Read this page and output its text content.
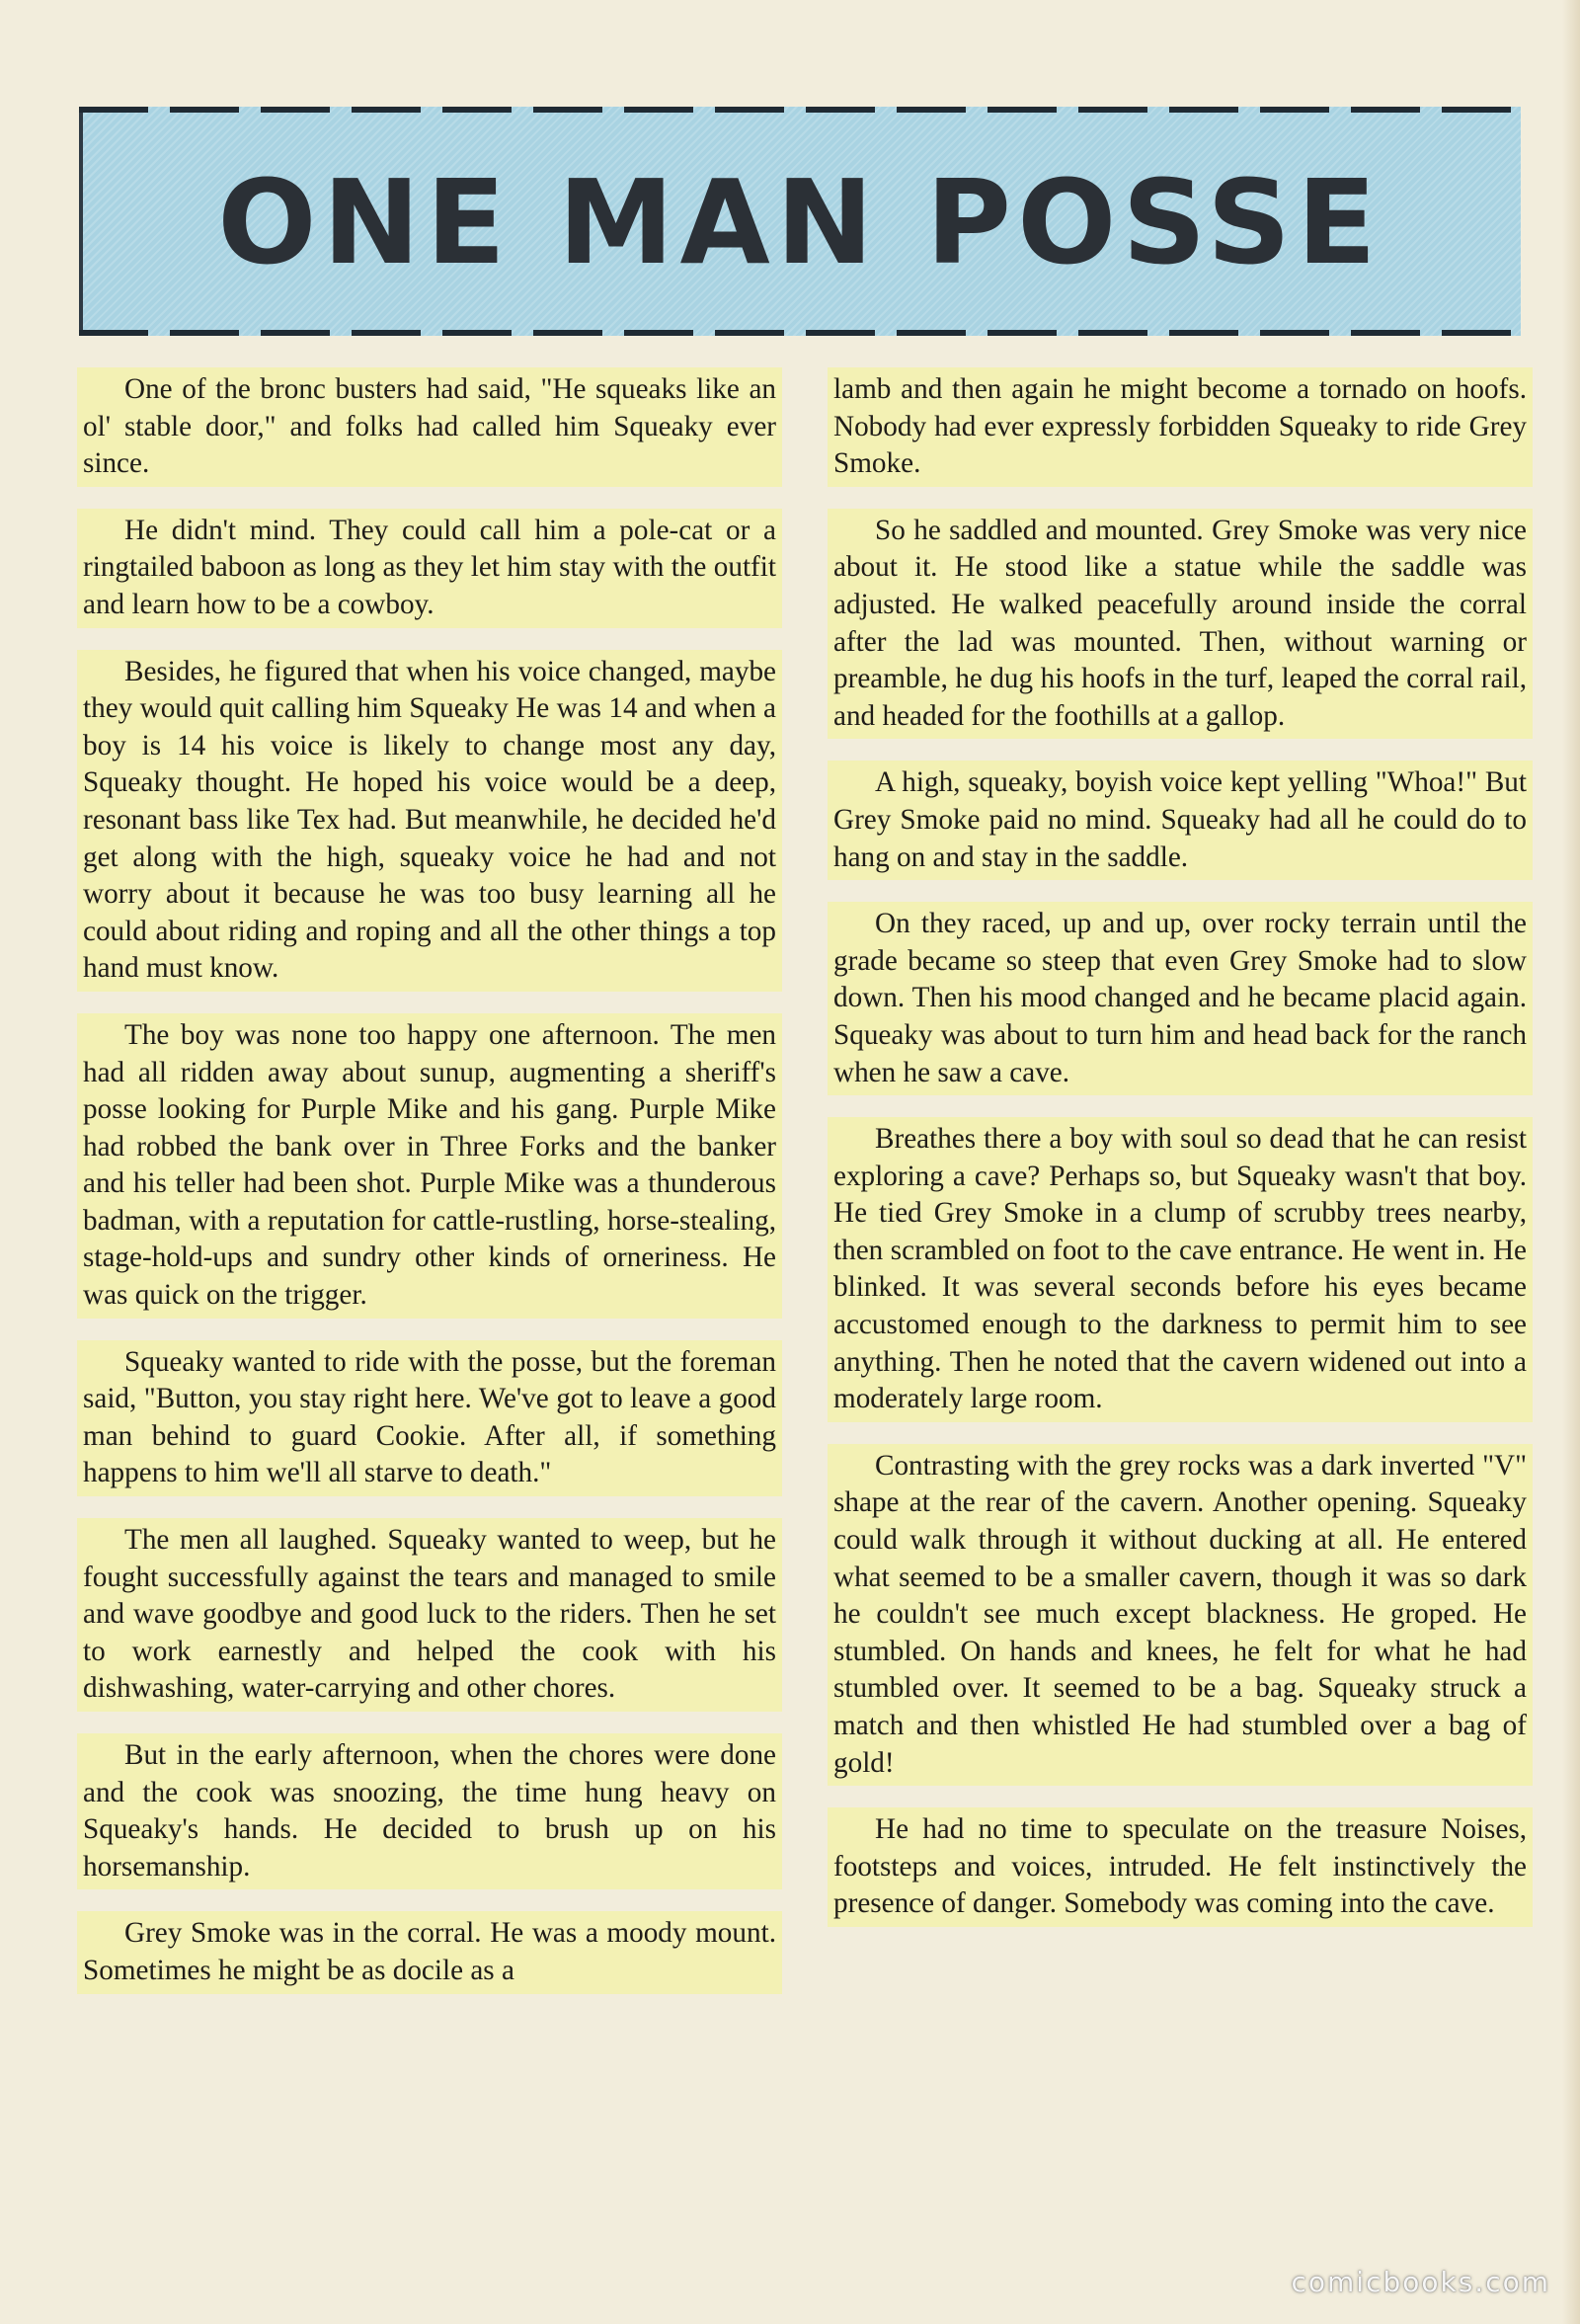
ONE MAN POSSE

One of the bronc busters had said, "He squeaks like an ol' stable door," and folks had called him Squeaky ever since.

He didn't mind. They could call him a pole-cat or a ringtailed baboon as long as they let him stay with the outfit and learn how to be a cowboy.

Besides, he figured that when his voice changed, maybe they would quit calling him Squeaky He was 14 and when a boy is 14 his voice is likely to change most any day, Squeaky thought. He hoped his voice would be a deep, resonant bass like Tex had. But meanwhile, he decided he'd get along with the high, squeaky voice he had and not worry about it because he was too busy learning all he could about riding and roping and all the other things a top hand must know.

The boy was none too happy one afternoon. The men had all ridden away about sunup, augmenting a sheriff's posse looking for Purple Mike and his gang. Purple Mike had robbed the bank over in Three Forks and the banker and his teller had been shot. Purple Mike was a thunderous badman, with a reputation for cattle-rustling, horse-stealing, stage-hold-ups and sundry other kinds of orneriness. He was quick on the trigger.

Squeaky wanted to ride with the posse, but the foreman said, "Button, you stay right here. We've got to leave a good man behind to guard Cookie. After all, if something happens to him we'll all starve to death."

The men all laughed. Squeaky wanted to weep, but he fought successfully against the tears and managed to smile and wave goodbye and good luck to the riders. Then he set to work earnestly and helped the cook with his dishwashing, water-carrying and other chores.

But in the early afternoon, when the chores were done and the cook was snoozing, the time hung heavy on Squeaky's hands. He decided to brush up on his horsemanship.

Grey Smoke was in the corral. He was a moody mount. Sometimes he might be as docile as a

lamb and then again he might become a tornado on hoofs. Nobody had ever expressly forbidden Squeaky to ride Grey Smoke.

So he saddled and mounted. Grey Smoke was very nice about it. He stood like a statue while the saddle was adjusted. He walked peacefully around inside the corral after the lad was mounted. Then, without warning or preamble, he dug his hoofs in the turf, leaped the corral rail, and headed for the foothills at a gallop.

A high, squeaky, boyish voice kept yelling "Whoa!" But Grey Smoke paid no mind. Squeaky had all he could do to hang on and stay in the saddle.

On they raced, up and up, over rocky terrain until the grade became so steep that even Grey Smoke had to slow down. Then his mood changed and he became placid again. Squeaky was about to turn him and head back for the ranch when he saw a cave.

Breathes there a boy with soul so dead that he can resist exploring a cave? Perhaps so, but Squeaky wasn't that boy. He tied Grey Smoke in a clump of scrubby trees nearby, then scrambled on foot to the cave entrance. He went in. He blinked. It was several seconds before his eyes became accustomed enough to the darkness to permit him to see anything. Then he noted that the cavern widened out into a moderately large room.

Contrasting with the grey rocks was a dark inverted "V" shape at the rear of the cavern. Another opening. Squeaky could walk through it without ducking at all. He entered what seemed to be a smaller cavern, though it was so dark he couldn't see much except blackness. He groped. He stumbled. On hands and knees, he felt for what he had stumbled over. It seemed to be a bag. Squeaky struck a match and then whistled He had stumbled over a bag of gold!

He had no time to speculate on the treasure Noises, footsteps and voices, intruded. He felt instinctively the presence of danger. Somebody was coming into the cave.

comicbooks.com
